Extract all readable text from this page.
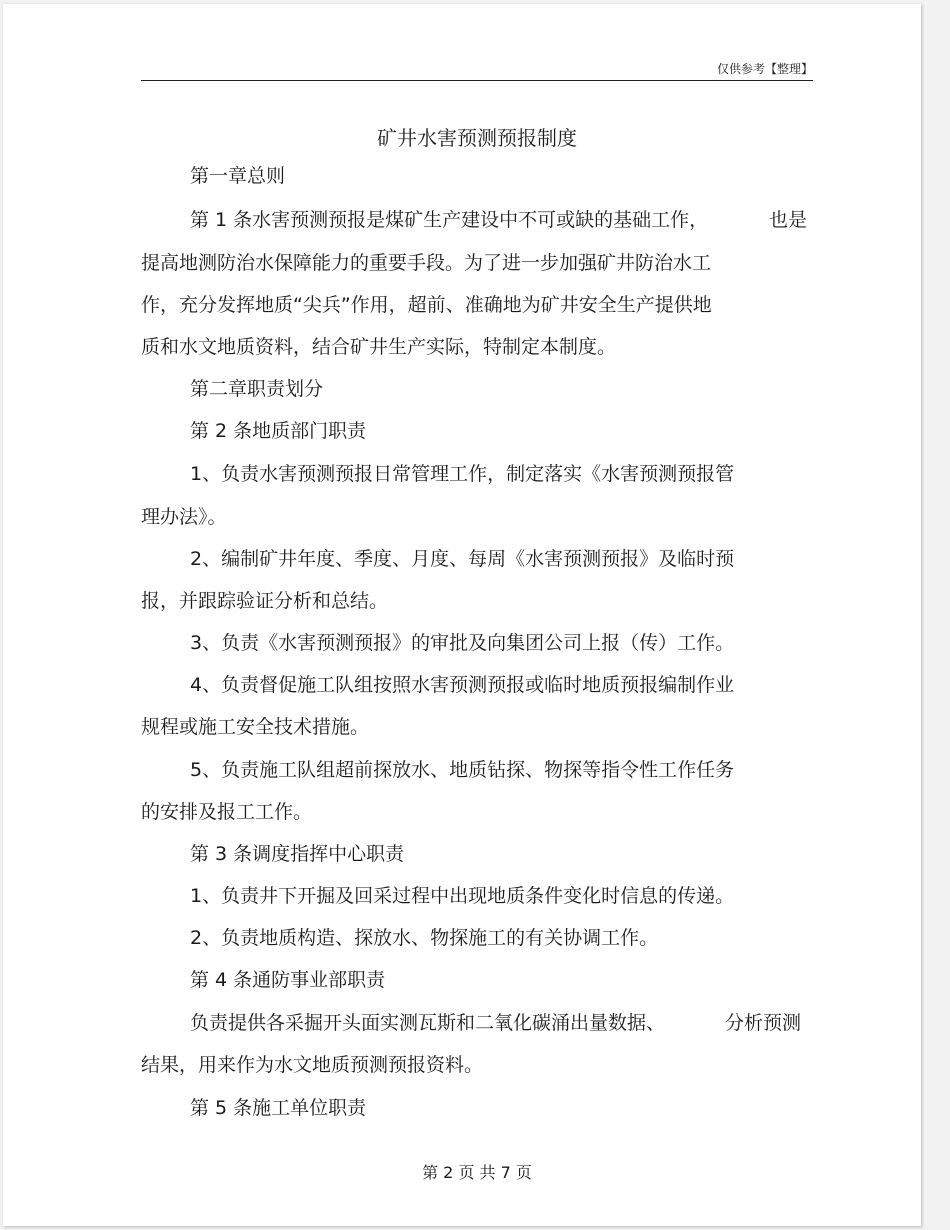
仅供参考【整理】
矿井水害预测预报制度
第一章总则
第 1 条水害预测预报是煤矿生产建设中不可或缺的基础工作，	也是
提高地测防治水保障能力的重要手段。为了进一步加强矿井防治水工
作，充分发挥地质“尖兵”作用，超前、准确地为矿井安全生产提供地
质和水文地质资料，结合矿井生产实际，特制定本制度。
第二章职责划分
第 2 条地质部门职责
1、负责水害预测预报日常管理工作，制定落实《水害预测预报管
理办法》。
2、编制矿井年度、季度、月度、每周《水害预测预报》及临时预
报，并跟踪验证分析和总结。
3、负责《水害预测预报》的审批及向集团公司上报（传）工作。
4、负责督促施工队组按照水害预测预报或临时地质预报编制作业
规程或施工安全技术措施。
5、负责施工队组超前探放水、地质钻探、物探等指令性工作任务
的安排及报工工作。
第 3 条调度指挥中心职责
1、负责井下开掘及回采过程中出现地质条件变化时信息的传递。
2、负责地质构造、探放水、物探施工的有关协调工作。
第 4 条通防事业部职责
负责提供各采掘开头面实测瓦斯和二氧化碳涌出量数据、	分析预测
结果，用来作为水文地质预测预报资料。
第 5 条施工单位职责
第 2 页 共 7 页
